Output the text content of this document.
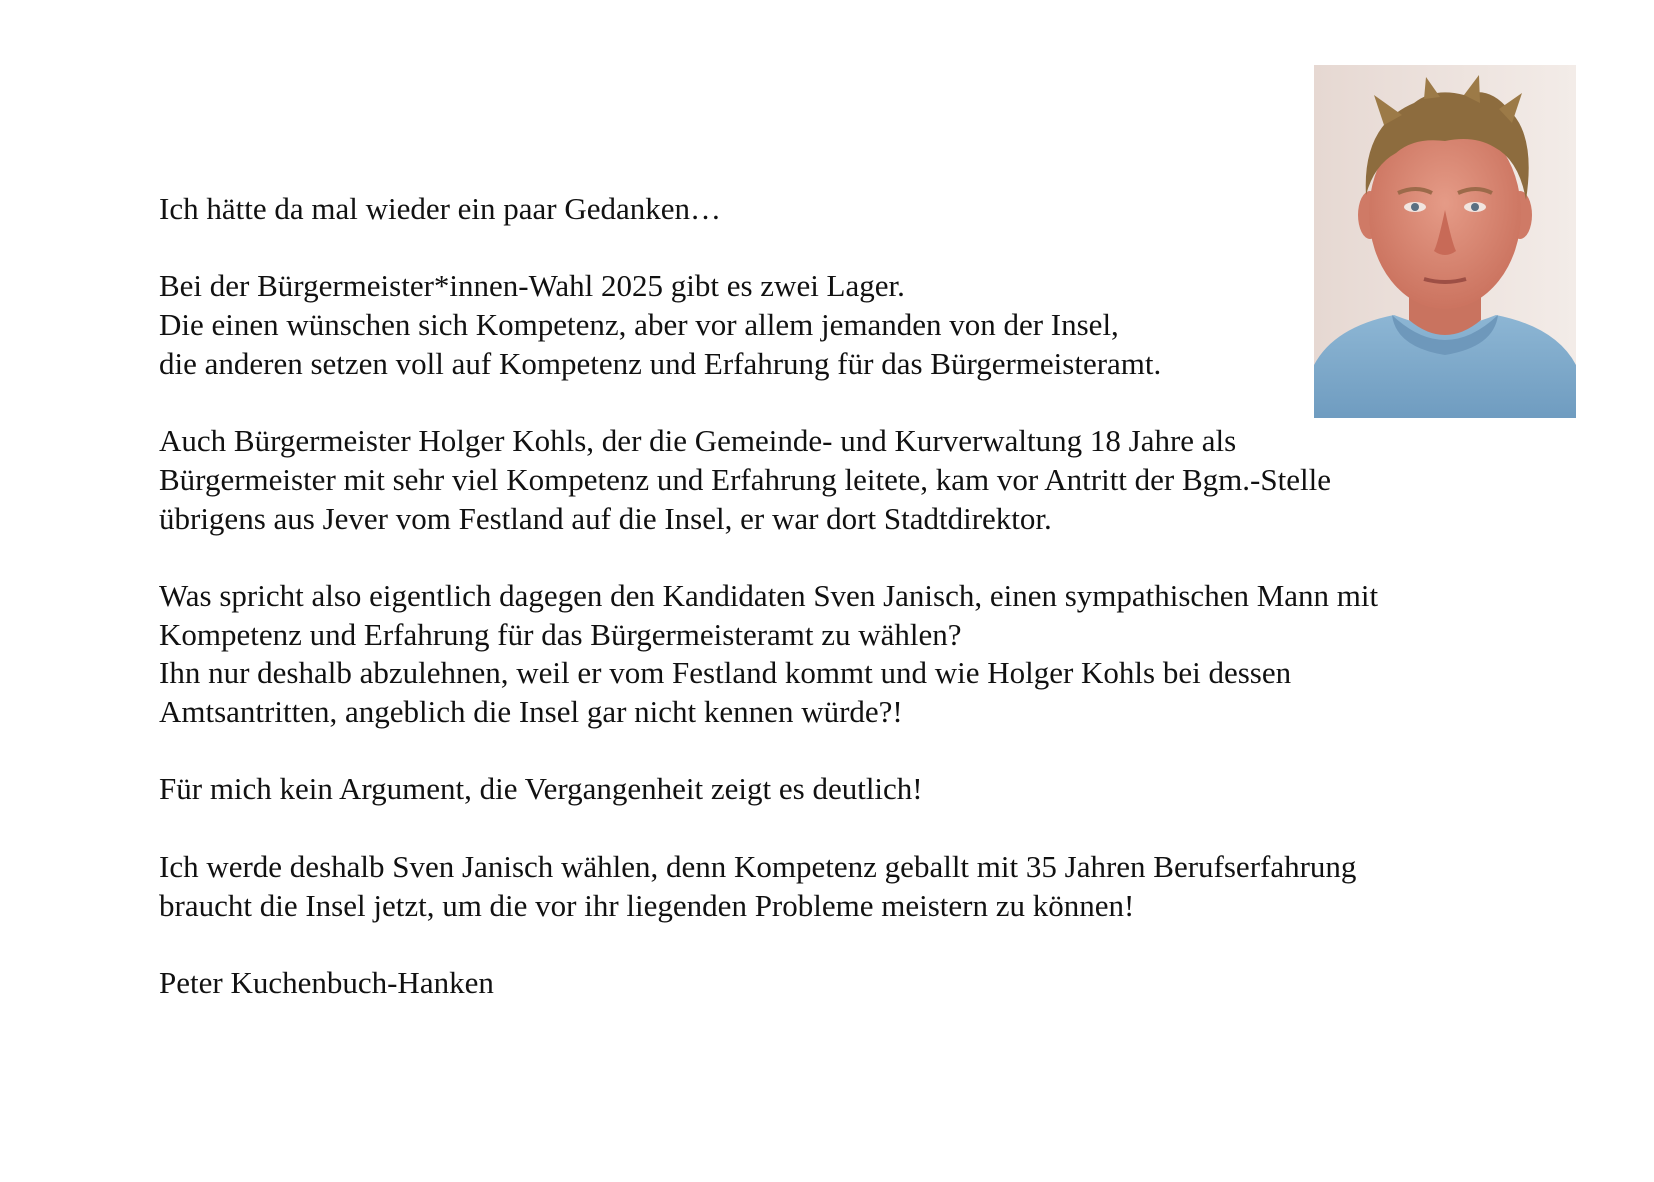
Ich hätte da mal wieder ein paar Gedanken…
Bei der Bürgermeister*innen-Wahl 2025 gibt es zwei Lager.
Die einen wünschen sich Kompetenz, aber vor allem jemanden von der Insel,
die anderen setzen voll auf Kompetenz und Erfahrung für das Bürgermeisteramt.
Auch Bürgermeister Holger Kohls, der die Gemeinde- und Kurverwaltung 18 Jahre als
Bürgermeister mit sehr viel Kompetenz und Erfahrung leitete, kam vor Antritt der Bgm.-Stelle
übrigens aus Jever vom Festland auf die Insel, er war dort Stadtdirektor.
Was spricht also eigentlich dagegen den Kandidaten Sven Janisch, einen sympathischen Mann mit
Kompetenz und Erfahrung für das Bürgermeisteramt zu wählen?
Ihn nur deshalb abzulehnen, weil er vom Festland kommt und wie Holger Kohls bei dessen
Amtsantritten, angeblich die Insel gar nicht kennen würde?!
Für mich kein Argument, die Vergangenheit zeigt es deutlich!
Ich werde deshalb Sven Janisch wählen, denn Kompetenz geballt mit 35 Jahren Berufserfahrung
braucht die Insel jetzt, um die vor ihr liegenden Probleme meistern zu können!
Peter Kuchenbuch-Hanken
